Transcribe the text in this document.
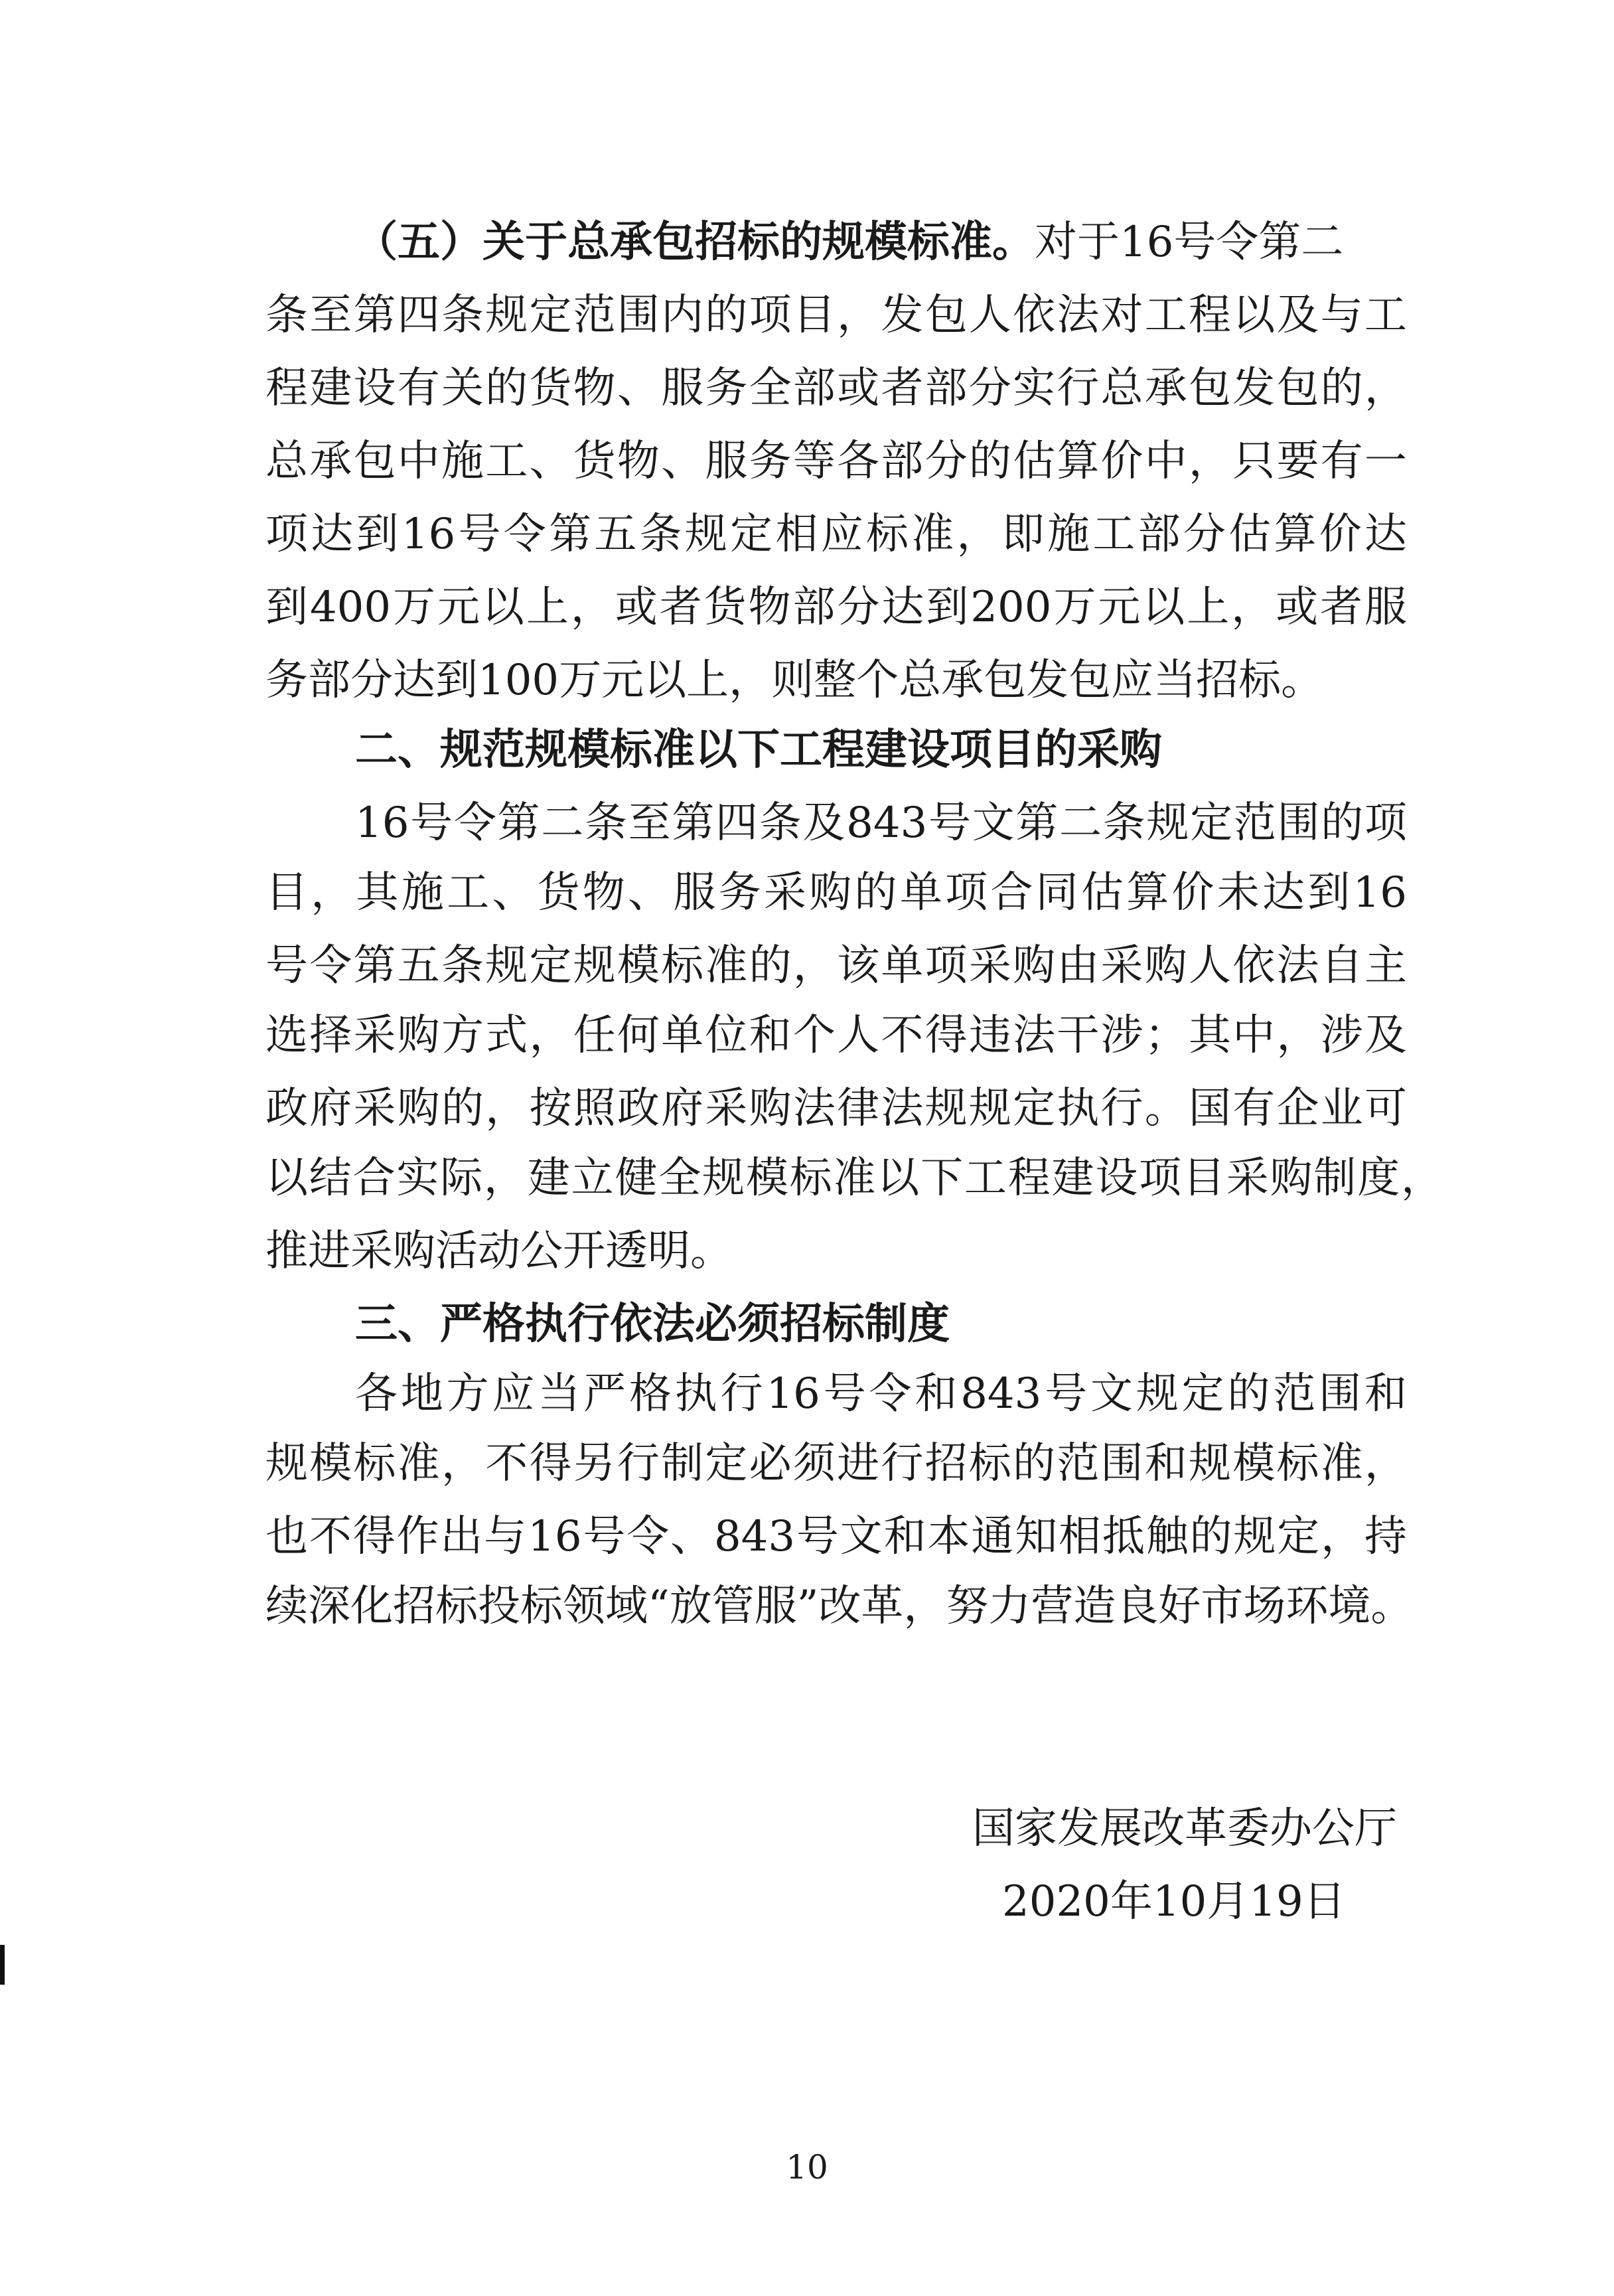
（五）关于总承包招标的规模标准。对于16号令第二
条至第四条规定范围内的项目，发包人依法对工程以及与工
程建设有关的货物、服务全部或者部分实行总承包发包的，
总承包中施工、货物、服务等各部分的估算价中，只要有一
项达到16号令第五条规定相应标准，即施工部分估算价达
到400万元以上，或者货物部分达到200万元以上，或者服
务部分达到100万元以上，则整个总承包发包应当招标。
二、规范规模标准以下工程建设项目的采购
16号令第二条至第四条及843号文第二条规定范围的项
目，其施工、货物、服务采购的单项合同估算价未达到16
号令第五条规定规模标准的，该单项采购由采购人依法自主
选择采购方式，任何单位和个人不得违法干涉；其中，涉及
政府采购的，按照政府采购法律法规规定执行。国有企业可
以结合实际，建立健全规模标准以下工程建设项目采购制度，
推进采购活动公开透明。
三、严格执行依法必须招标制度
各地方应当严格执行16号令和843号文规定的范围和
规模标准，不得另行制定必须进行招标的范围和规模标准，
也不得作出与16号令、843号文和本通知相抵触的规定，持
续深化招标投标领域“放管服”改革，努力营造良好市场环境。
国家发展改革委办公厅
2020年10月19日
10
